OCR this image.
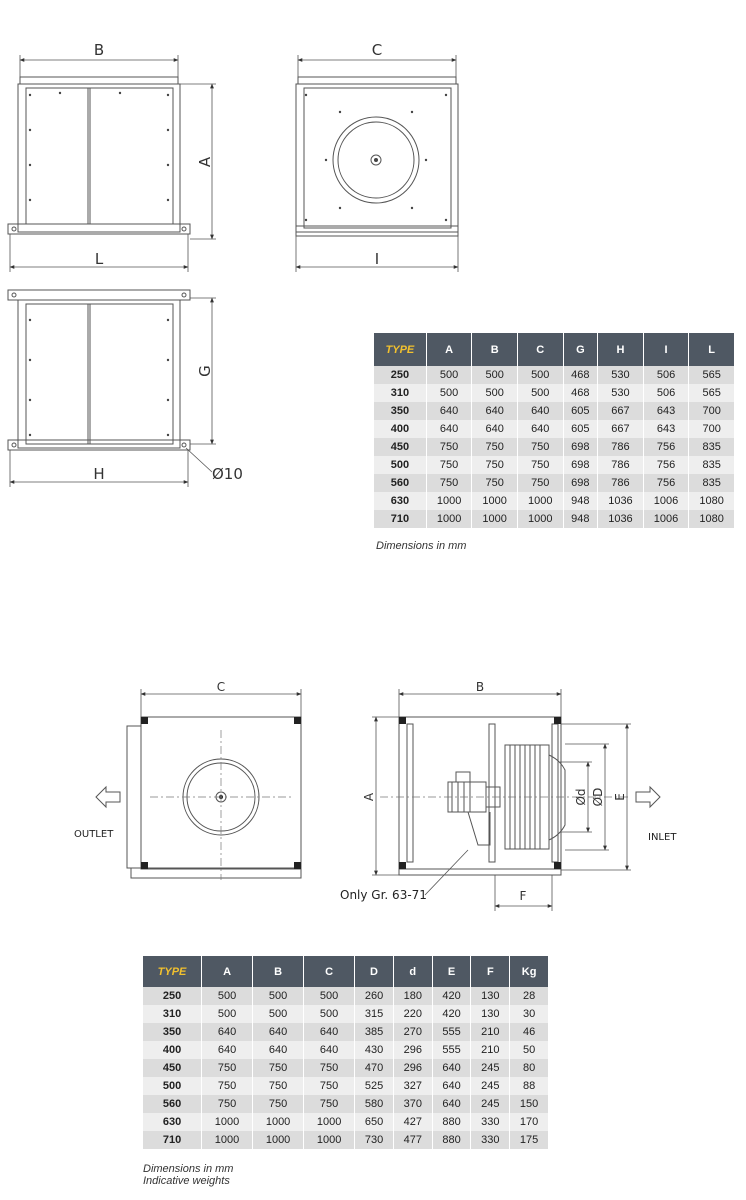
B
A
L
C
I
G
H	Ø10
C
OUTLET
B
A	Ød ØD E
F
INLET
Only Gr. 63-71
TYPE	A	B	C	G	H	I	L
250	500	500	500	468	530	506	565
310	500	500	500	468	530	506	565
350	640	640	640	605	667	643	700
400	640	640	640	605	667	643	700
450	750	750	750	698	786	756	835
500	750	750	750	698	786	756	835
560	750	750	750	698	786	756	835
630	1000	1000	1000	948	1036	1006	1080
710	1000	1000	1000	948	1036	1006	1080
Dimensions in mm
TYPE	A	B	C	D	d	E	F	Kg
250	500	500	500	260	180	420	130	28
310	500	500	500	315	220	420	130	30
350	640	640	640	385	270	555	210	46
400	640	640	640	430	296	555	210	50
450	750	750	750	470	296	640	245	80
500	750	750	750	525	327	640	245	88
560	750	750	750	580	370	640	245	150
630	1000	1000	1000	650	427	880	330	170
710	1000	1000	1000	730	477	880	330	175
Dimensions in mm
Indicative weights
